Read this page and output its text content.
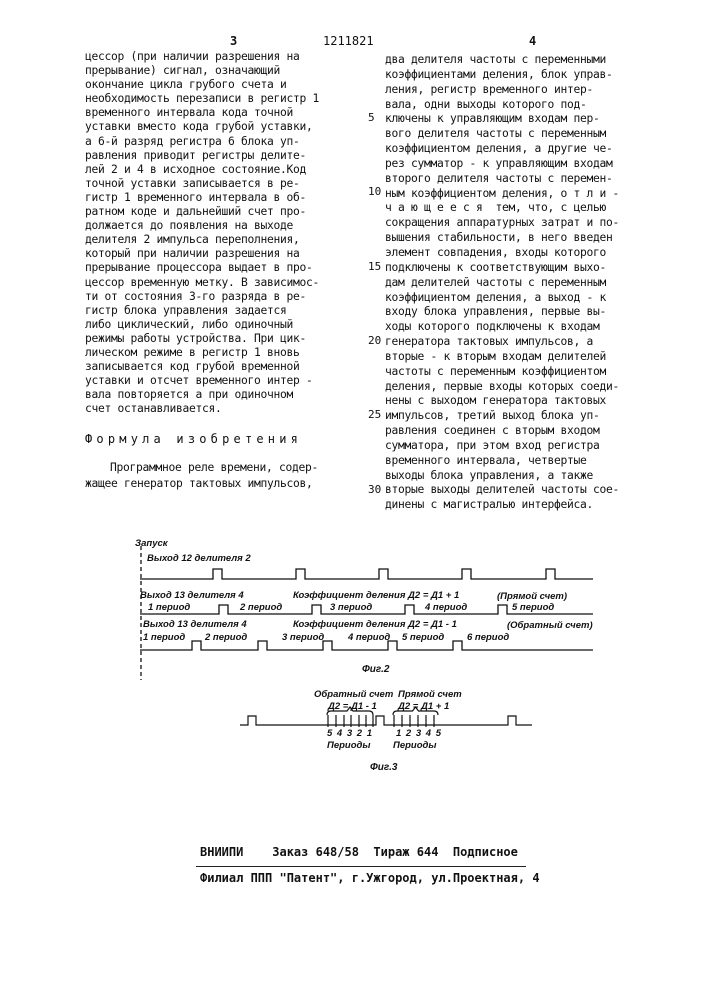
3	1211821	4
цессор (при наличии разрешения на
прерывание) сигнал, означающий
окончание цикла грубого счета и
необходимость перезаписи в регистр 1
временного интервала кода точной
уставки вместо кода грубой уставки,
а 6-й разряд регистра 6 блока уп-
равления приводит регистры делите-
лей 2 и 4 в исходное состояние.Код
точной уставки записывается в ре-
гистр 1 временного интервала в об-
ратном коде и дальнейший счет про-
должается до появления на выходе
делителя 2 импульса переполнения,
который при наличии разрешения на
прерывание процессора выдает в про-
цессор временную метку. В зависимос-
ти от состояния 3-го разряда в ре-
гистр блока управления задается
либо циклический, либо одиночный
режимы работы устройства. При цик-
лическом режиме в регистр 1 вновь
записывается код грубой временной
уставки и отсчет временного интер -
вала повторяется а при одиночном
счет останавливается.
Формула изобретения
Программное реле времени, содер-
жащее генератор тактовых импульсов,
два делителя частоты с переменными
коэффициентами деления, блок управ-
ления, регистр временного интер-
вала, одни выходы которого под-
ключены к управляющим входам пер-
вого делителя частоты с переменным
коэффициентом деления, а другие че-
рез сумматор - к управляющим входам
второго делителя частоты с перемен-
ным коэффициентом деления, о т л и -
ч а ю щ е е с я  тем, что, с целью
сокращения аппаратурных затрат и по-
вышения стабильности, в него введен
элемент совпадения, входы которого
подключены к соответствующим выхо-
дам делителей частоты с переменным
коэффициентом деления, а выход - к
входу блока управления, первые вы-
ходы которого подключены к входам
генератора тактовых импульсов, а
вторые - к вторым входам делителей
частоты с переменным коэффициентом
деления, первые входы которых соеди-
нены с выходом генератора тактовых
импульсов, третий выход блока уп-
равления соединен с вторым входом
сумматора, при этом вход регистра
временного интервала, четвертые
выходы блока управления, а также
вторые выходы делителей частоты сое-
динены с магистралью интерфейса.
5
10
15
20
25
30
Запуск
Выход 12 делителя 2
Выход 13 делителя 4	Коэффициент деления Д2 = Д1 + 1	(Прямой счет)
1 период	2 период	3 период	4 период	5 период
Выход 13 делителя 4	Коэффициент деления Д2 = Д1 - 1	(Обратный счет)
1 период 2 период	3 период 4 период 5 период 6 период
Фиг.2
Обратный счет
Д2 = Д1 - 1
Прямой счет
Д2 = Д1 + 1
5 4 3 2 1 1 2 3 4 5
Периоды Периоды
Фиг.3
ВНИИПИ    Заказ 648/58  Тираж 644  Подписное
Филиал ППП "Патент", г.Ужгород, ул.Проектная, 4
